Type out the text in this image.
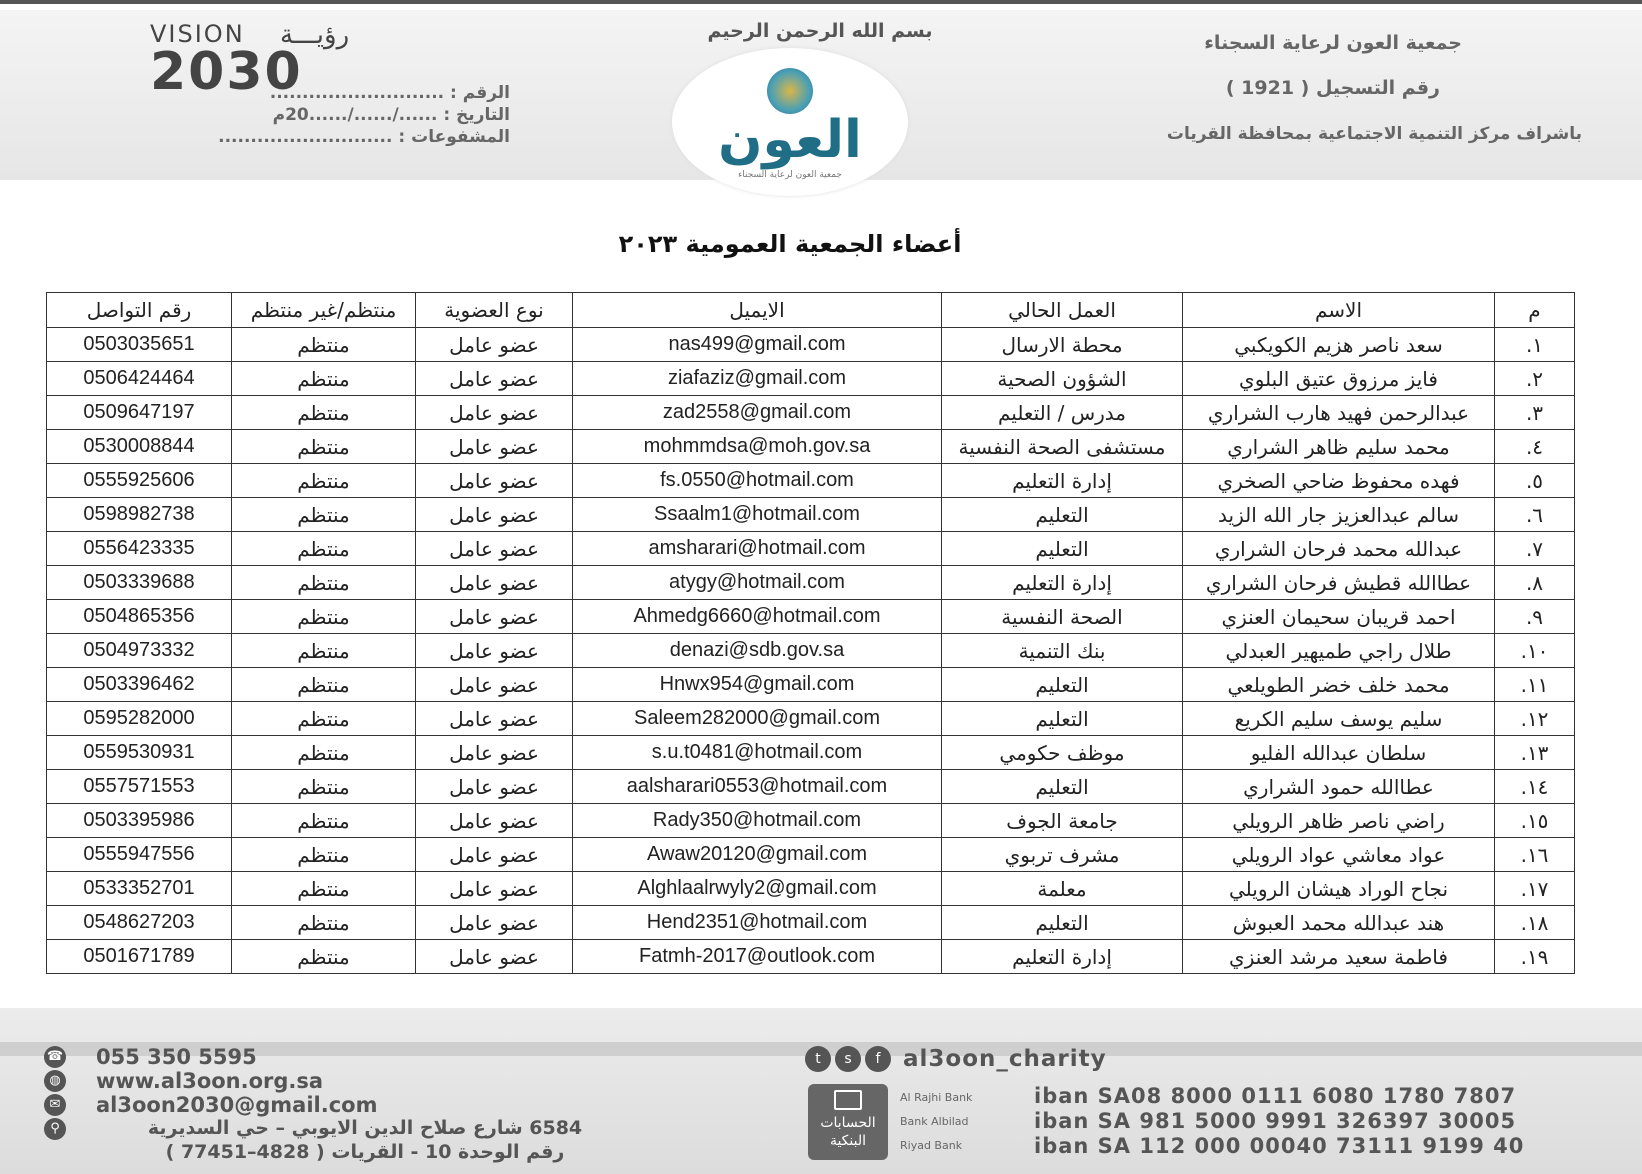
VISION رؤيـــة
2030
الرقم : ...........................
التاريخ : ....../....../......20م
المشفوعات : ...........................
بسم الله الرحمن الرحيم
العون
جمعية العون لرعاية السجناء
جمعية العون لرعاية السجناء
رقم التسجيل ( 1921 )
باشراف مركز التنمية الاجتماعية بمحافظة القريات
أعضاء الجمعية العمومية ٢٠٢٣
م	الاسم	العمل الحالي	الايميل	نوع العضوية	منتظم/غير منتظم	رقم التواصل
١.	سعد ناصر هزيم الكويكبي	محطة الارسال	nas499@gmail.com	عضو عامل	منتظم	0503035651
٢.	فايز مرزوق عتيق البلوي	الشؤون الصحية	ziafaziz@gmail.com	عضو عامل	منتظم	0506424464
٣.	عبدالرحمن فهيد هارب الشراري	مدرس / التعليم	zad2558@gmail.com	عضو عامل	منتظم	0509647197
٤.	محمد سليم ظاهر الشراري	مستشفى الصحة النفسية	mohmmdsa@moh.gov.sa	عضو عامل	منتظم	0530008844
٥.	فهده محفوظ ضاحي الصخري	إدارة التعليم	fs.0550@hotmail.com	عضو عامل	منتظم	0555925606
٦.	سالم عبدالعزيز جار الله الزيد	التعليم	Ssaalm1@hotmail.com	عضو عامل	منتظم	0598982738
٧.	عبدالله محمد فرحان الشراري	التعليم	amsharari@hotmail.com	عضو عامل	منتظم	0556423335
٨.	عطاالله قطيش فرحان الشراري	إدارة التعليم	atygy@hotmail.com	عضو عامل	منتظم	0503339688
٩.	احمد قريبان سحيمان العنزي	الصحة النفسية	Ahmedg6660@hotmail.com	عضو عامل	منتظم	0504865356
١٠.	طلال راجي طميهير العبدلي	بنك التنمية	denazi@sdb.gov.sa	عضو عامل	منتظم	0504973332
١١.	محمد خلف خضر الطويلعي	التعليم	Hnwx954@gmail.com	عضو عامل	منتظم	0503396462
١٢.	سليم يوسف سليم الكريع	التعليم	Saleem282000@gmail.com	عضو عامل	منتظم	0595282000
١٣.	سلطان عبدالله الفليو	موظف حكومي	s.u.t0481@hotmail.com	عضو عامل	منتظم	0559530931
١٤.	عطاالله حمود الشراري	التعليم	aalsharari0553@hotmail.com	عضو عامل	منتظم	0557571553
١٥.	راضي ناصر ظاهر الرويلي	جامعة الجوف	Rady350@hotmail.com	عضو عامل	منتظم	0503395986
١٦.	عواد معاشي عواد الرويلي	مشرف تربوي	Awaw20120@gmail.com	عضو عامل	منتظم	0555947556
١٧.	نجاح الوراد هيشان الرويلي	معلمة	Alghlaalrwyly2@gmail.com	عضو عامل	منتظم	0533352701
١٨.	هند عبدالله محمد العبوش	التعليم	Hend2351@hotmail.com	عضو عامل	منتظم	0548627203
١٩.	فاطمة سعيد مرشد العنزي	إدارة التعليم	Fatmh-2017@outlook.com	عضو عامل	منتظم	0501671789
☎ 055 350 5595
◍ www.al3oon.org.sa
✉ al3oon2030@gmail.com
⚲	6584 شارع صلاح الدين الايوبي – حي السديرية
رقم الوحدة 10 - القريات ( 4828–77451 )
t s f al3oon_charity
الحسابات البنكية
Al Rajhi Bank
Bank Albilad
Riyad Bank
iban SA08 8000 0111 6080 1780 7807
iban SA 981 5000 9991 326397 30005
iban SA 112 000 00040 73111 9199 40
